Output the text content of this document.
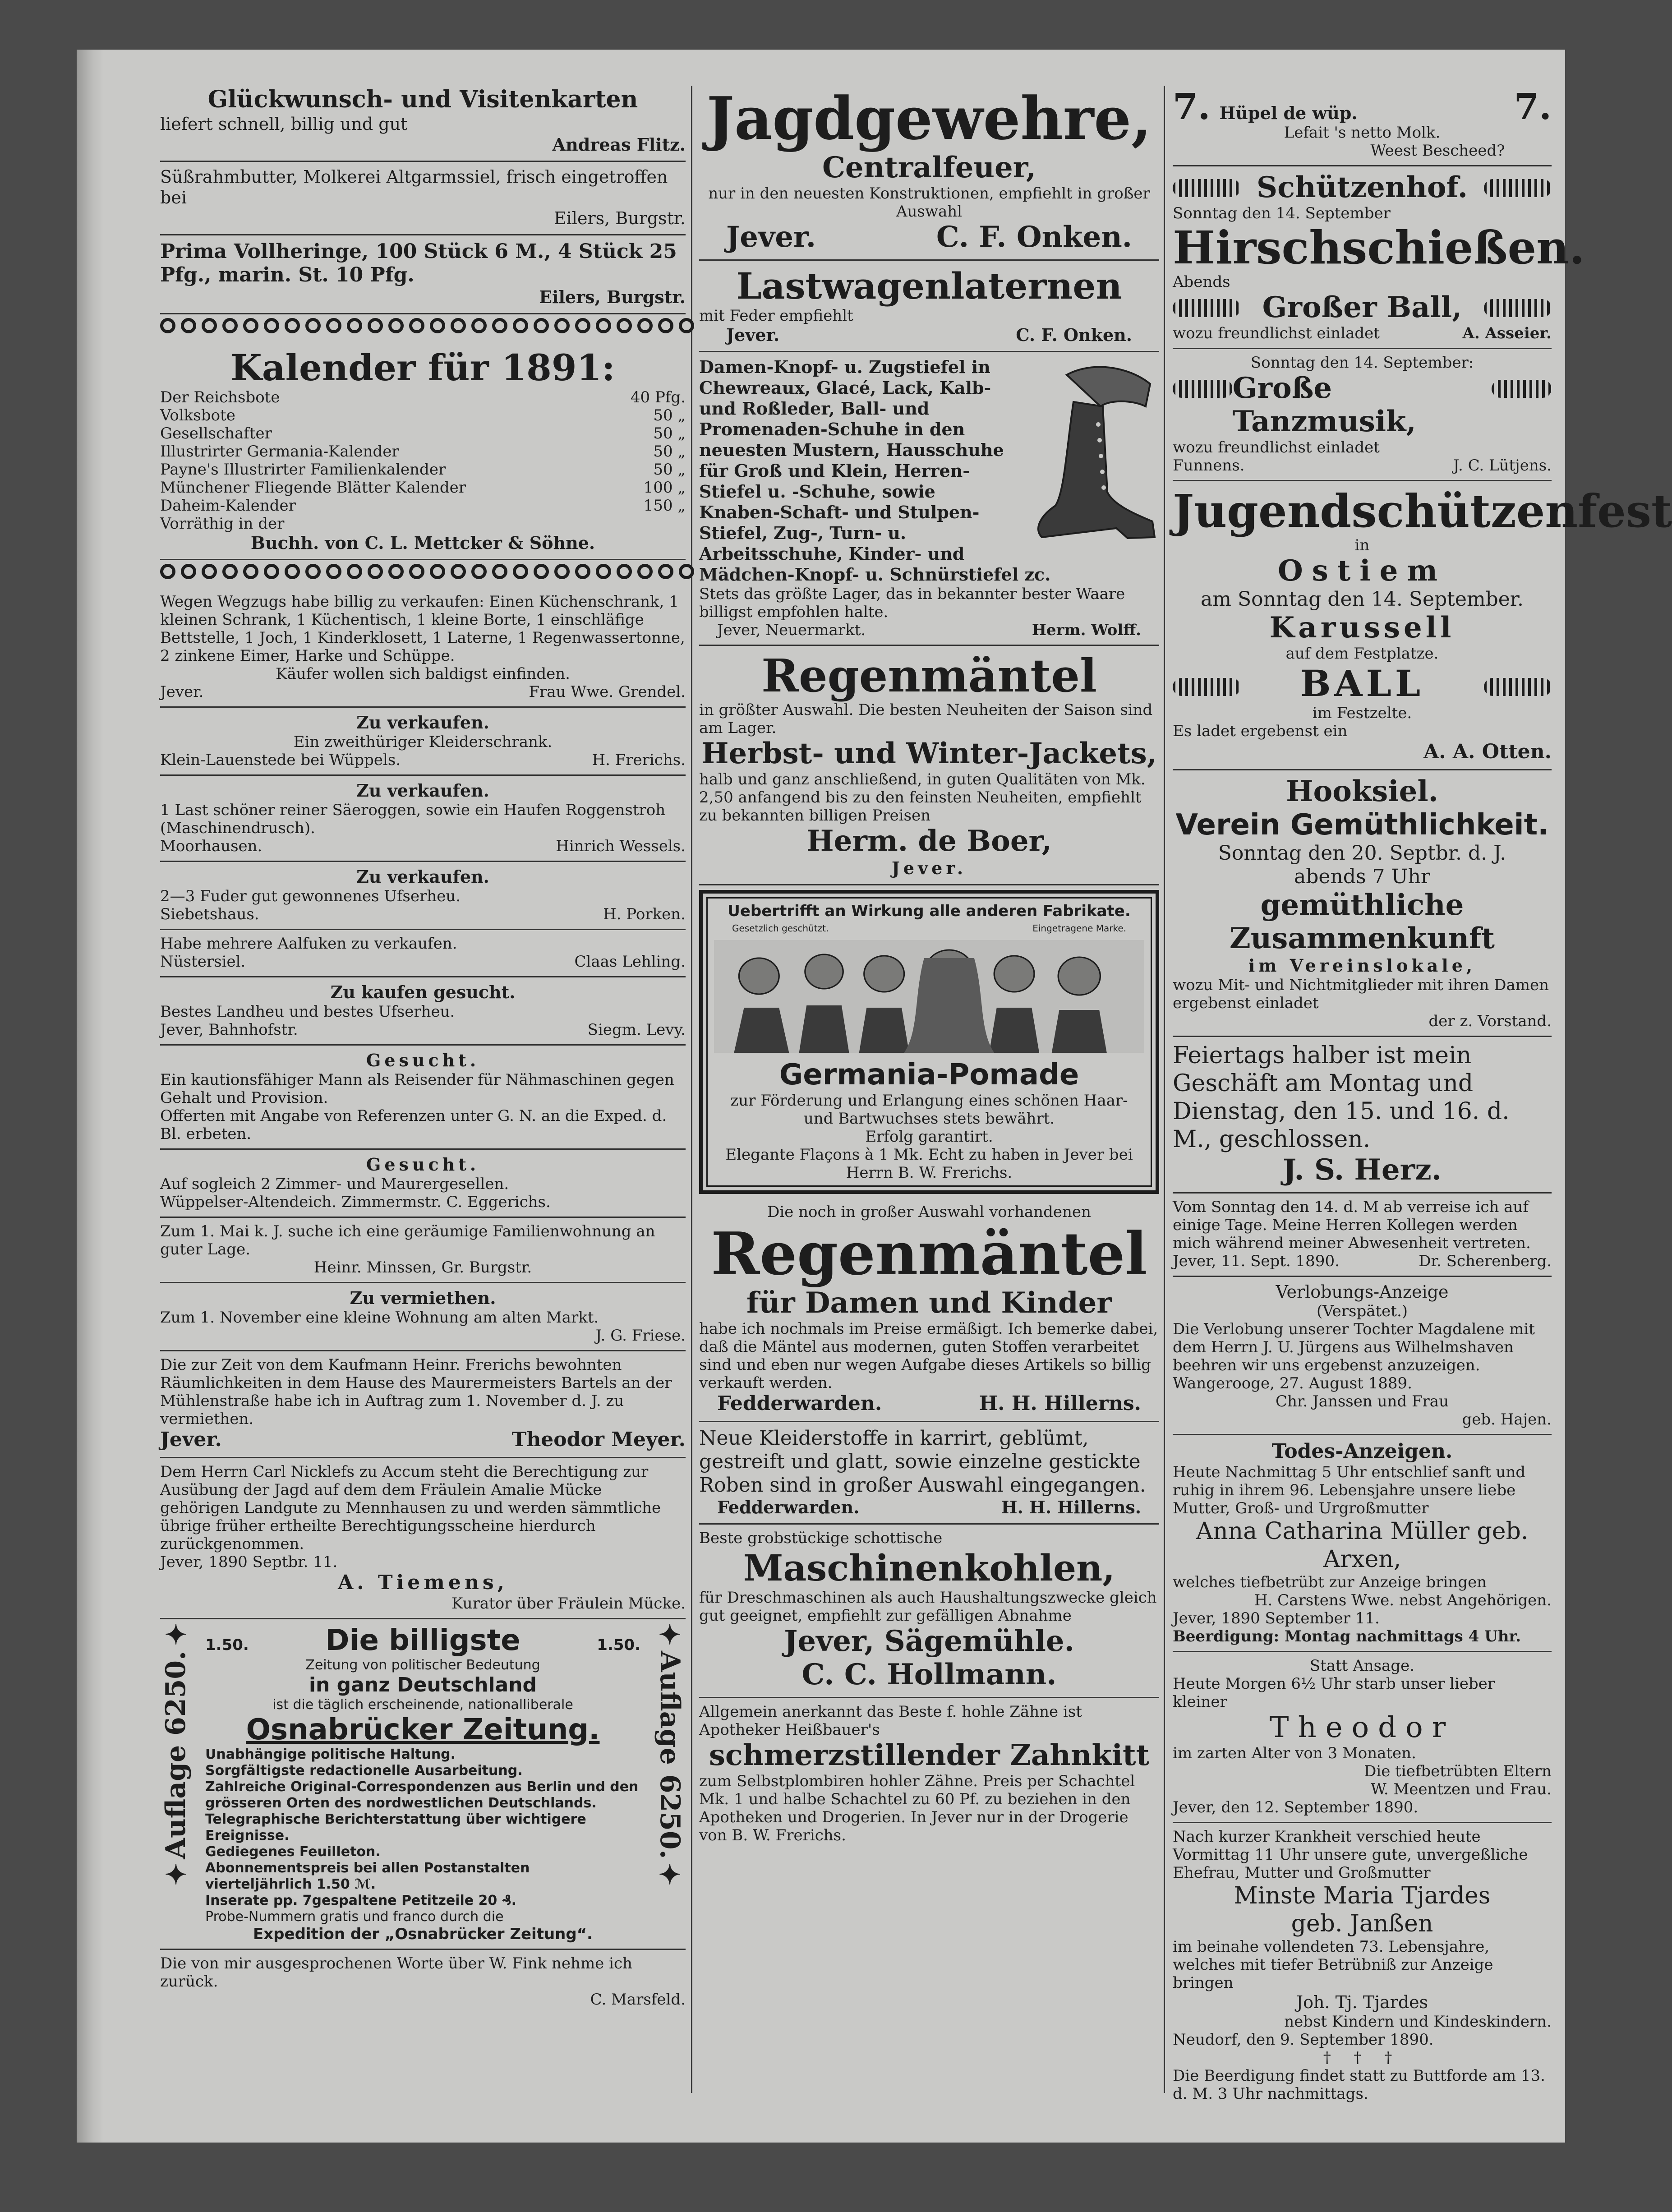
Glückwunsch- und Visitenkarten
liefert schnell, billig und gut
Andreas Flitz.
Süßrahmbutter, Molkerei Altgarmssiel, frisch eingetroffen bei
Eilers, Burgstr.
Prima Vollheringe, 100 Stück 6 M., 4 Stück 25 Pfg., marin. St. 10 Pfg.
Eilers, Burgstr.
Kalender für 1891:
Der Reichsbote	40 Pfg.
Volksbote	50 „
Gesellschafter	50 „
Illustrirter Germania-Kalender	50 „
Payne's Illustrirter Familienkalender	50 „
Münchener Fliegende Blätter Kalender	100 „
Daheim-Kalender	150 „
Vorräthig in der
Buchh. von C. L. Mettcker & Söhne.
Wegen Wegzugs habe billig zu verkaufen: Einen Küchenschrank, 1 kleinen Schrank, 1 Küchentisch, 1 kleine Borte, 1 einschläfige Bettstelle, 1 Joch, 1 Kinderklosett, 1 Laterne, 1 Regenwassertonne, 2 zinkene Eimer, Harke und Schüppe.
Käufer wollen sich baldigst einfinden.
Jever.	Frau Wwe. Grendel.
Zu verkaufen.
Ein zweithüriger Kleiderschrank.
Klein-Lauenstede bei Wüppels.	H. Frerichs.
Zu verkaufen.
1 Last schöner reiner Säeroggen, sowie ein Haufen Roggenstroh (Maschinendrusch).
Moorhausen.	Hinrich Wessels.
Zu verkaufen.
2—3 Fuder gut gewonnenes Ufserheu.
Siebetshaus.	H. Porken.
Habe mehrere Aalfuken zu verkaufen.
Nüstersiel.	Claas Lehling.
Zu kaufen gesucht.
Bestes Landheu und bestes Ufserheu.
Jever, Bahnhofstr.	Siegm. Levy.
Gesucht.
Ein kautionsfähiger Mann als Reisender für Nähmaschinen gegen Gehalt und Provision.
Offerten mit Angabe von Referenzen unter G. N. an die Exped. d. Bl. erbeten.
Gesucht.
Auf sogleich 2 Zimmer- und Maurergesellen.
Wüppelser-Altendeich. Zimmermstr. C. Eggerichs.
Zum 1. Mai k. J. suche ich eine geräumige Familienwohnung an guter Lage.
Heinr. Minssen, Gr. Burgstr.
Zu vermiethen.
Zum 1. November eine kleine Wohnung am alten Markt.
J. G. Friese.
Die zur Zeit von dem Kaufmann Heinr. Frerichs bewohnten Räumlichkeiten in dem Hause des Maurermeisters Bartels an der Mühlenstraße habe ich in Auftrag zum 1. November d. J. zu vermiethen.
Jever.	Theodor Meyer.
Dem Herrn Carl Nicklefs zu Accum steht die Berechtigung zur Ausübung der Jagd auf dem dem Fräulein Amalie Mücke gehörigen Landgute zu Mennhausen zu und werden sämmtliche übrige früher ertheilte Berechtigungsscheine hierdurch zurückgenommen.
Jever, 1890 Septbr. 11.
A. Tiemens,
Kurator über Fräulein Mücke.
✦
Auflage 6250.
✦
✦
Auflage 6250.
✦
1.50.	Die billigste	1.50.
Zeitung von politischer Bedeutung
in ganz Deutschland
ist die täglich erscheinende, nationalliberale
Osnabrücker Zeitung.
Unabhängige politische Haltung.
Sorgfältigste redactionelle Ausarbeitung.
Zahlreiche Original-Correspondenzen aus Berlin und den grösseren Orten des nordwestlichen Deutschlands.
Telegraphische Berichterstattung über wichtigere Ereignisse.
Gediegenes Feuilleton.
Abonnementspreis bei allen Postanstalten vierteljährlich 1.50 ℳ.
Inserate pp. 7gespaltene Petitzeile 20 ₰.
Probe-Nummern gratis und franco durch die
Expedition der „Osnabrücker Zeitung“.
Die von mir ausgesprochenen Worte über W. Fink nehme ich zurück.
C. Marsfeld.
Jagdgewehre,
Centralfeuer,
nur in den neuesten Konstruktionen, empfiehlt in großer Auswahl
Jever.	C. F. Onken.
Lastwagenlaternen
mit Feder empfiehlt
Jever.	C. F. Onken.
Damen-Knopf- u. Zugstiefel in Chewreaux, Glacé, Lack, Kalb- und Roßleder, Ball- und Promenaden-Schuhe in den neuesten Mustern, Hausschuhe für Groß und Klein, Herren-Stiefel u. -Schuhe, sowie Knaben-Schaft- und Stulpen-Stiefel, Zug-, Turn- u. Arbeitsschuhe, Kinder- und Mädchen-Knopf- u. Schnürstiefel zc.
Stets das größte Lager, das in bekannter bester Waare billigst empfohlen halte.
Jever, Neuermarkt.	Herm. Wolff.
Regenmäntel
in größter Auswahl. Die besten Neuheiten der Saison sind am Lager.
Herbst- und Winter-Jackets,
halb und ganz anschließend, in guten Qualitäten von Mk. 2,50 anfangend bis zu den feinsten Neuheiten, empfiehlt zu bekannten billigen Preisen
Herm. de Boer,
Jever.
Uebertrifft an Wirkung alle anderen Fabrikate.
Gesetzlich geschützt.	Eingetragene Marke.
Germania-Pomade
zur Förderung und Erlangung eines schönen Haar- und Bartwuchses stets bewährt.
Erfolg garantirt.
Elegante Flaçons à 1 Mk. Echt zu haben in Jever bei Herrn B. W. Frerichs.
Die noch in großer Auswahl vorhandenen
Regenmäntel
für Damen und Kinder
habe ich nochmals im Preise ermäßigt. Ich bemerke dabei, daß die Mäntel aus modernen, guten Stoffen verarbeitet sind und eben nur wegen Aufgabe dieses Artikels so billig verkauft werden.
Fedderwarden.	H. H. Hillerns.
Neue Kleiderstoffe in karrirt, geblümt, gestreift und glatt, sowie einzelne gestickte Roben sind in großer Auswahl eingegangen.
Fedderwarden.	H. H. Hillerns.
Beste grobstückige schottische
Maschinenkohlen,
für Dreschmaschinen als auch Haushaltungszwecke gleich gut geeignet, empfiehlt zur gefälligen Abnahme
Jever, Sägemühle.
C. C. Hollmann.
Allgemein anerkannt das Beste f. hohle Zähne ist Apotheker Heißbauer's
schmerzstillender Zahnkitt
zum Selbstplombiren hohler Zähne. Preis per Schachtel Mk. 1 und halbe Schachtel zu 60 Pf. zu beziehen in den Apotheken und Drogerien. In Jever nur in der Drogerie von B. W. Frerichs.
7. Hüpel de wüp.
Lefait 's netto Molk.
Weest Bescheed?
7.
Schützenhof.
Sonntag den 14. September
Hirschschießen.
Abends
Großer Ball,
wozu freundlichst einladet	A. Asseier.
Sonntag den 14. September:
Große Tanzmusik,
wozu freundlichst einladet
Funnens.	J. C. Lütjens.
Jugendschützenfest
in
Ostiem
am Sonntag den 14. September.
Karussell
auf dem Festplatze.
BALL
im Festzelte.
Es ladet ergebenst ein
A. A. Otten.
Hooksiel.
Verein Gemüthlichkeit.
Sonntag den 20. Septbr. d. J.
abends 7 Uhr
gemüthliche Zusammenkunft
im Vereinslokale,
wozu Mit- und Nichtmitglieder mit ihren Damen ergebenst einladet
der z. Vorstand.
Feiertags halber ist mein Geschäft am Montag und Dienstag, den 15. und 16. d. M., geschlossen.
J. S. Herz.
Vom Sonntag den 14. d. M ab verreise ich auf einige Tage. Meine Herren Kollegen werden mich während meiner Abwesenheit vertreten.
Jever, 11. Sept. 1890.	Dr. Scherenberg.
Verlobungs-Anzeige
(Verspätet.)
Die Verlobung unserer Tochter Magdalene mit dem Herrn J. U. Jürgens aus Wilhelmshaven beehren wir uns ergebenst anzuzeigen.
Wangerooge, 27. August 1889.
Chr. Janssen und Frau
geb. Hajen.
Todes-Anzeigen.
Heute Nachmittag 5 Uhr entschlief sanft und ruhig in ihrem 96. Lebensjahre unsere liebe Mutter, Groß- und Urgroßmutter
Anna Catharina Müller geb. Arxen,
welches tiefbetrübt zur Anzeige bringen
H. Carstens Wwe. nebst Angehörigen.
Jever, 1890 September 11.
Beerdigung: Montag nachmittags 4 Uhr.
Statt Ansage.
Heute Morgen 6½ Uhr starb unser lieber kleiner
Theodor
im zarten Alter von 3 Monaten.
Die tiefbetrübten Eltern
W. Meentzen und Frau.
Jever, den 12. September 1890.
Nach kurzer Krankheit verschied heute Vormittag 11 Uhr unsere gute, unvergeßliche Ehefrau, Mutter und Großmutter
Minste Maria Tjardes
geb. Janßen
im beinahe vollendeten 73. Lebensjahre, welches mit tiefer Betrübniß zur Anzeige bringen
Joh. Tj. Tjardes
nebst Kindern und Kindeskindern.
Neudorf, den 9. September 1890.
† † †
Die Beerdigung findet statt zu Buttforde am 13. d. M. 3 Uhr nachmittags.
